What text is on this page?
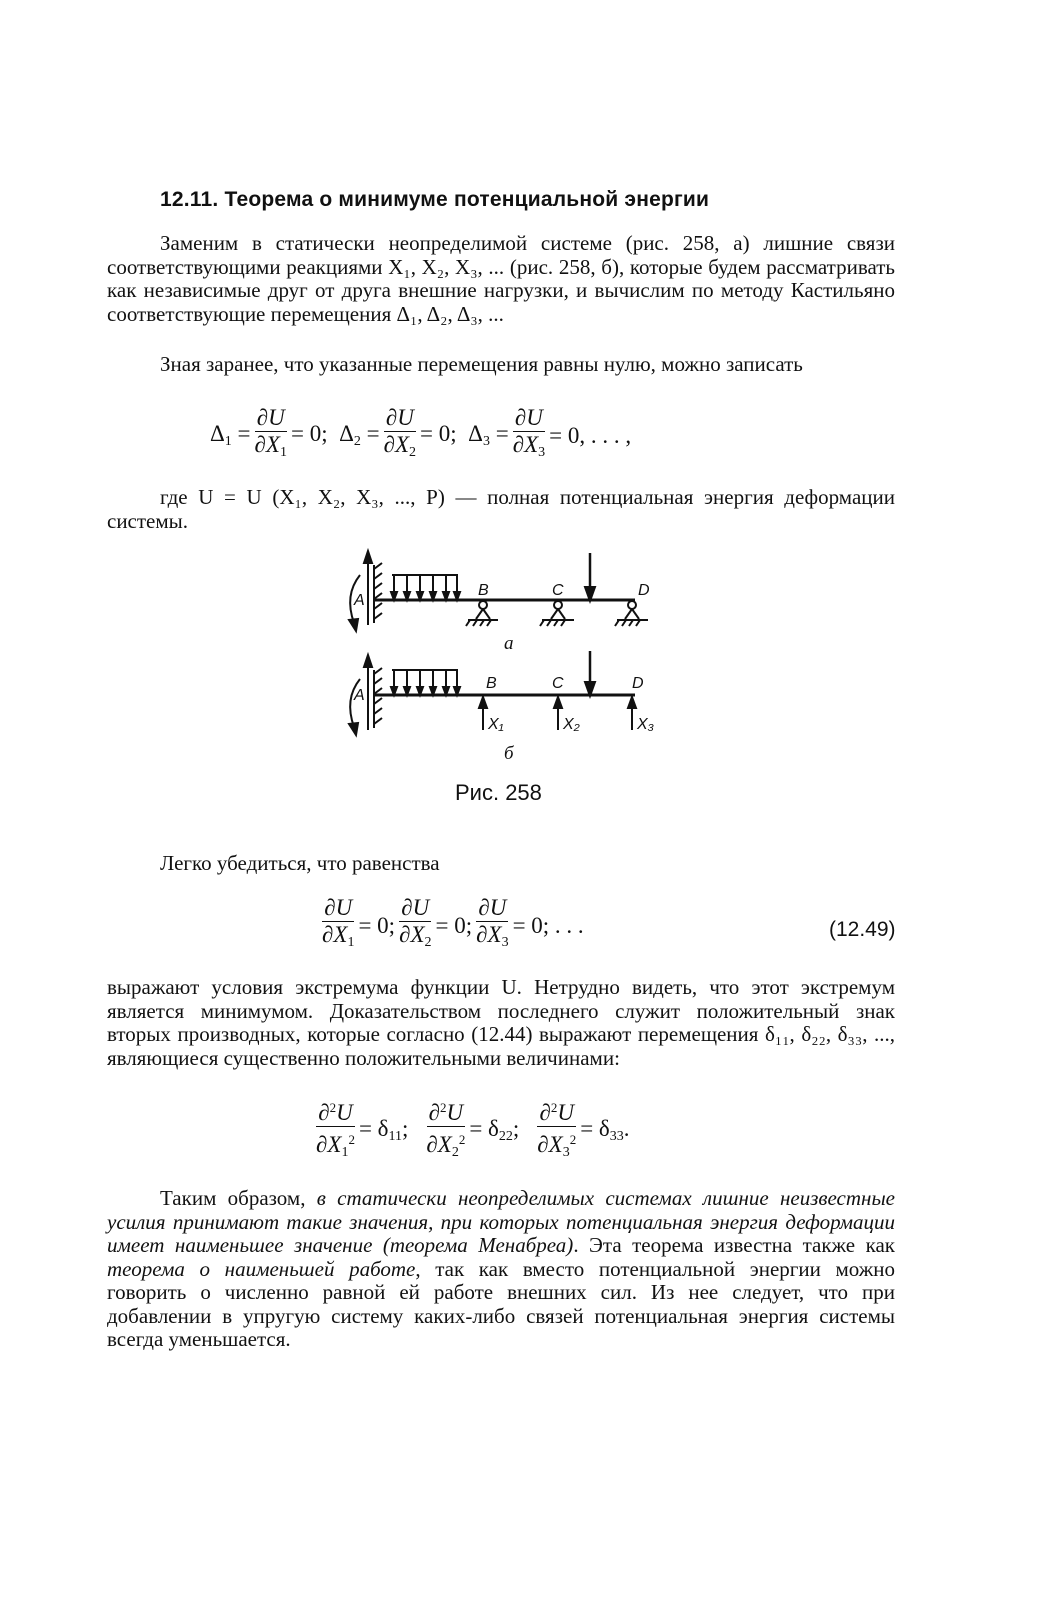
12.11. Теорема о минимуме потенциальной энергии
Заменим в статически неопределимой системе (рис. 258, а) лишние связи соответствующими реакциями X₁, X₂, X₃, ... (рис. 258, б), которые будем рассматривать как независимые друг от друга внешние нагрузки, и вычислим по методу Кастильяно соответствующие перемещения Δ₁, Δ₂, Δ₃, ...
Зная заранее, что указанные перемещения равны нулю, можно записать
$\Delta_1 = \frac{\partial U}{\partial X_1} = 0$;  $\Delta_2 = \frac{\partial U}{\partial X_2} = 0$;  $\Delta_3 = \frac{\partial U}{\partial X_3} = 0$, . . . ,
где U = U (X₁, X₂, X₃, ..., P) — полная потенциальная энергия деформации системы.
A
B	C	D
а
A
B	C	D
X₁	X₂	X₃
б
Рис. 258
Легко убедиться, что равенства
$\frac{\partial U}{\partial X_1} = 0$; $\frac{\partial U}{\partial X_2} = 0$; $\frac{\partial U}{\partial X_3} = 0$; . . .	(12.49)
выражают условия экстремума функции U. Нетрудно видеть, что этот экстремум является минимумом. Доказательством последнего служит положительный знак вторых производных, которые согласно (12.44) выражают перемещения δ₁₁, δ₂₂, δ₃₃, ..., являющиеся существенно положительными величинами:
$\frac{\partial^2U}{\partial X_1^2} = \delta_{11}$; $\frac{\partial^2U}{\partial X_2^2} = \delta_{22}$; $\frac{\partial^2U}{\partial X_3^2} = \delta_{33}$.
Таким образом, в статически неопределимых системах лишние неизвестные усилия принимают такие значения, при которых потенциальная энергия деформации имеет наименьшее значение (теорема Менабреа). Эта теорема известна также как теорема о наименьшей работе, так как вместо потенциальной энергии можно говорить о численно равной ей работе внешних сил. Из нее следует, что при добавлении в упругую систему каких-либо связей потенциальная энергия системы всегда уменьшается.
